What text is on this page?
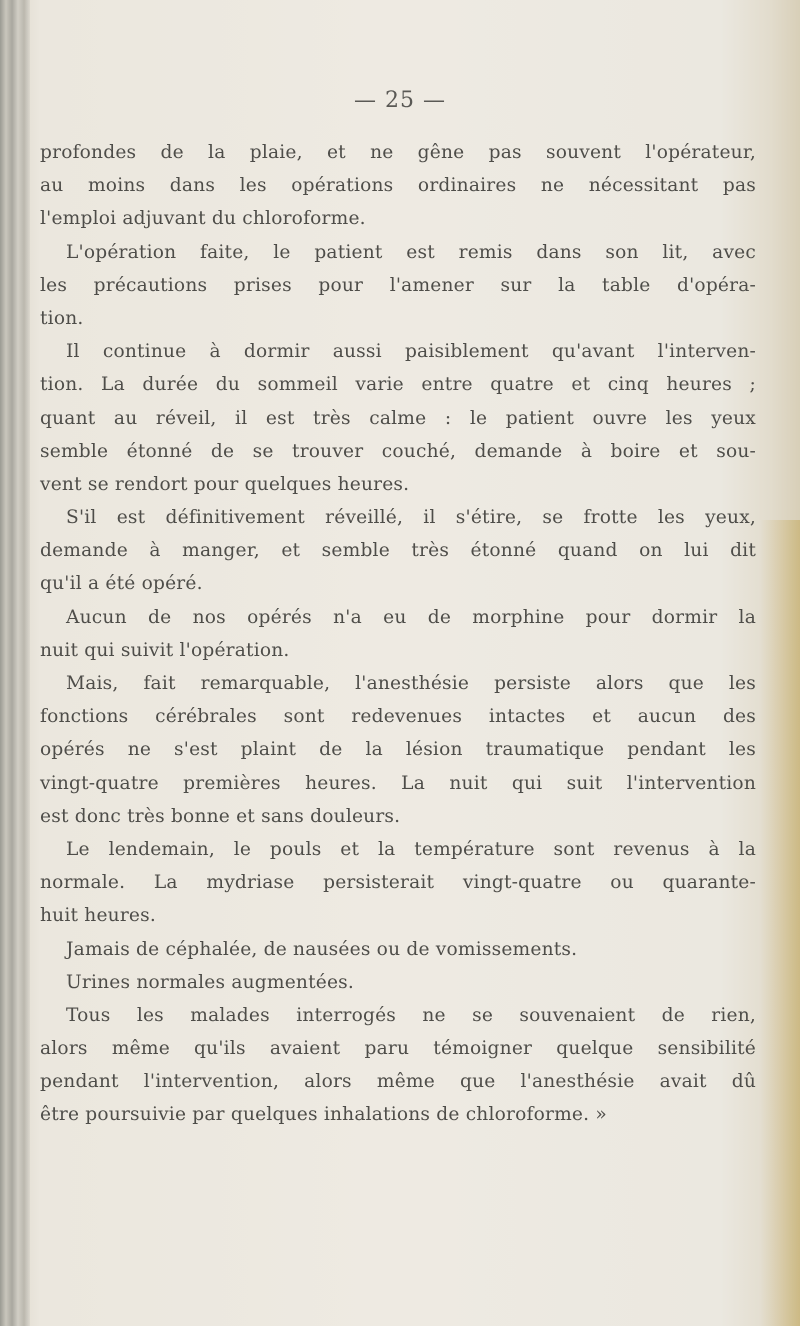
— 25 —
profondes de la plaie, et ne gêne pas souvent l'opérateur,
au moins dans les opérations ordinaires ne nécessitant pas
l'emploi adjuvant du chloroforme.
L'opération faite, le patient est remis dans son lit, avec
les précautions prises pour l'amener sur la table d'opéra-
tion.
Il continue à dormir aussi paisiblement qu'avant l'interven-
tion. La durée du sommeil varie entre quatre et cinq heures ;
quant au réveil, il est très calme : le patient ouvre les yeux
semble étonné de se trouver couché, demande à boire et sou-
vent se rendort pour quelques heures.
S'il est définitivement réveillé, il s'étire, se frotte les yeux,
demande à manger, et semble très étonné quand on lui dit
qu'il a été opéré.
Aucun de nos opérés n'a eu de morphine pour dormir la
nuit qui suivit l'opération.
Mais, fait remarquable, l'anesthésie persiste alors que les
fonctions cérébrales sont redevenues intactes et aucun des
opérés ne s'est plaint de la lésion traumatique pendant les
vingt-quatre premières heures. La nuit qui suit l'intervention
est donc très bonne et sans douleurs.
Le lendemain, le pouls et la température sont revenus à la
normale. La mydriase persisterait vingt-quatre ou quarante-
huit heures.
Jamais de céphalée, de nausées ou de vomissements.
Urines normales augmentées.
Tous les malades interrogés ne se souvenaient de rien,
alors même qu'ils avaient paru témoigner quelque sensibilité
pendant l'intervention, alors même que l'anesthésie avait dû
être poursuivie par quelques inhalations de chloroforme. »
